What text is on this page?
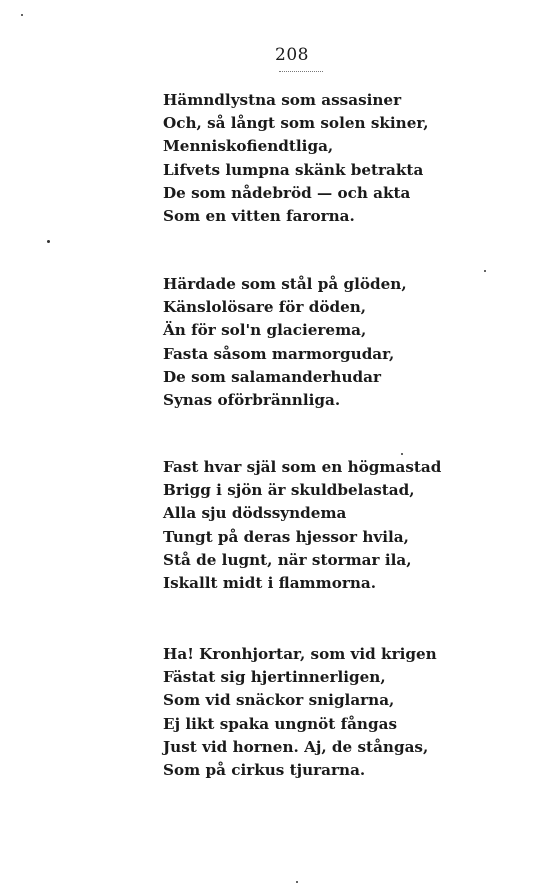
208
Hämndlystna som assasiner
Och, så långt som solen skiner,
Menniskofiendtliga,
Lifvets lumpna skänk betrakta
De som nådebröd — och akta
Som en vitten farorna.
Härdade som stål på glöden,
Känslolösare för döden,
Än för sol'n glacierema,
Fasta såsom marmorgudar,
De som salamanderhudar
Synas oförbrännliga.
Fast hvar själ som en högmastad
Brigg i sjön är skuldbelastad,
Alla sju dödssyndema
Tungt på deras hjessor hvila,
Stå de lugnt, när stormar ila,
Iskallt midt i flammorna.
Ha! Kronhjortar, som vid krigen
Fästat sig hjertinnerligen,
Som vid snäckor sniglarna,
Ej likt spaka ungnöt fångas
Just vid hornen. Aj, de stångas,
Som på cirkus tjurarna.
